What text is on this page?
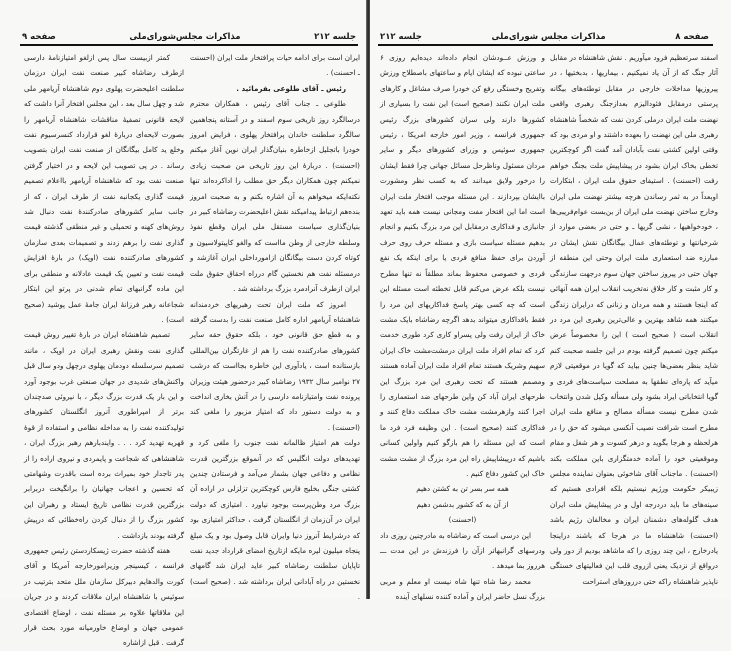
جلسه ۲۱۲
مذاکرات مجلس‌شورای‌ملی
صفحه ۹

ایران است برای ادامه حیات پرافتخار ملت ایران (احسنت ـ احسنت) .

رئیس ـ آقای طلوعی بفرمائید .

طلوعی ـ جناب آقای رئیس ، همکاران محترم درسالگرد روز تاریخی سوم اسفند و در آستانه پنجاهمین سالگرد سلطنت خاندان پرافتخار پهلوی ، فرایض امروز خودرا باتجلیل ازخاطره بنیان‌گذار ایران نوین آغاز میکنم (احسنت) . دربارهٔ این روز تاریخی من صحبت زیادی نمیکنم چون همکاران دیگر حق مطلب را اداکرده‌اند تنها نکته‌ایکه میخواهم به آن اشاره بکنم و به صحبت امروز بنده‌هم ارتباط پیدامیکند نقش اعلیحضرت رضاشاه کبیر در بنیان‌گذاری سیاست مستقل ملی ایران وقطع نفوذ وسلطه خارجی از وطن مااست که والغو کاپیتولاسیون و کوتاه کردن دست بیگانگان ازامورداخلی ایران آغازشد و درمسئله نفت هم نخستین گام درراه احقاق حقوق ملت ایران ازطرف آنرادمرد بزرگ برداشته شد .

امروز که ملت ایران تحت رهبریهای خردمندانه شاهنشاه آریامهر اداره کامل صنعت نفت را بدست گرفته و به قطع حق قانونی خود ، بلکه حقوق حقه سایر کشورهای صادرکننده نفت را هم از غارتگران بین‌المللی بازستانده است ، یادآوری این خاطره بجااست که درشب ۲۷ نوامبر سال ۱۹۳۲ رضاشاه کبیر درحضور هیئت وزیران پرونده نفت وامتیازنامه دارسی را در آتش بخاری انداخت و به دولت دستور داد که امتیاز مزبور را ملغی کند (احسنت) .

دولت هم امتیاز ظالمانه نفت جنوب را ملغی کرد و تهدیدهای دولت انگلیس که در آنموقع بزرگترین قدرت نظامی و دفاعی جهان بشمار می‌آمد و فرستادن چندین کشتی جنگی بخلیج فارس کوچکترین تزلزلی در اراده آن بزرگ مرد وطن‌پرست بوجود نیاورد . امتیازی که دولت ایران در آن‌زمان از انگلستان گرفت ، حداکثر امتیازی بود که درشرایط آنروز دنیا وایران قابل وصول بود و یک مبلغ پنجاه میلیون لیره مایکه ازتاریخ امضای قرارداد جدید نفت تاپایان سلطنت رضاشاه کبیر عاید ایران شد گامهای نخستین در راه آبادانی ایران برداشته شد . (صحیح است) .

کمتر ازبیست سال پس ازلغو امتیازنامهٔ دارسی ازطرف رضاشاه کبیر صنعت نفت ایران درزمان سلطنت اعلیحضرت پهلوی دوم شاهنشاه آریامهر ملی شد و چهل سال بعد ، این مجلس افتخار آنرا داشت که لایحه قانونی تصفیهٔ مناقشات شاهنشاه آریامهر را بصورت لایحه‌ای دربارهٔ لغو قرارداد کنسرسیوم نفت وخلع ید کامل بیگانگان از صنعت نفت ایران بتصویب رساند . در پی تصویب این لایحه و در اختیار گرفتن صنعت نفت بود که شاهنشاه آریامهر بااعلام تصمیم قیمت گذاری یکجانبه نفت از طرف ایران ، که از جانب سایر کشورهای صادرکنندهٔ نفت دنبال شد روش‌های کهنه و تحمیلی و غیر منطقی گذشته قیمت گذاری نفت را برهم زدند و تصمیمات بعدی سازمان کشورهای صادرکننده نفت (اوپک) در بارهٔ افزایش قیمت نفت و تعیین یک قیمت عادلانه و منطقی برای این ماده گرانبهای تمام شدنی در پرتو این ابتکار شجاعانه رهبر فرزانهٔ ایران جامهٔ عمل پوشید (صحیح است) .

تصمیم شاهنشاه ایران در بارهٔ تغییر روش قیمت گذاری نفت ونقش رهبری ایران در اوپک ، مانند تصمیم سرسلسله دودمان پهلوی درچهل ودو سال قبل واکنش‌های شدیدی در جهان صنعتی غرب بوجود آورد و این بار یک قدرت بزرگ دیگر ، با نیروئی صدچندان برتر از امپراطوری آنروز انگلستان کشورهای تولیدکننده نفت را به مداخله نظامی و استفاده از قوهٔ قهریه تهدید کرد . . . وایندبارهم رهبر بزرگ ایران ، شاهنشاهی که شجاعت و پایمردی و نیروی اراده را از پدر تاجدار خود بمیراث برده است باقدرت وشهامتی که تحسین و اعجاب جهانیان را برانگیخت دربرابر بزرگترین قدرت نظامی تاریخ ایستاد و رهبران این کشور بزرگ را از دنبال کردن راه‌خطائی که درپیش گرفته بودند بازداشت .

هفته گذشته حضرت ژیسکاردستن رئیس جمهوری فرانسه ، کیسینجر وزیرامورخارجه آمریکا و آقای کورت والدهایم دبیرکل سازمان ملل متحد بترتیب در سوئیس با شاهنشاه ایران ملاقات کردند و در جریان این ملاقاتها علاوه بر مسئله نفت ، اوضاع اقتصادی عمومی جهان و اوضاع خاورمیانه مورد بحث قرار گرفت . قبل ازاشاره

صفحه ۸
مذاکرات مجلس شورای‌ملی
جلسه ۲۱۲

اسفند سرتعظیم فرود میآوریم . نقش شاهنشاه در مقابل آثار جنگ که از آن یاد نمیکنیم ، بیماریها ، بدبختیها ، در پیروزیها مداخلات خارجی در مقابل توطئه‌های بیگانه پرستی درمقابل فئودالیزم بعدازجنگ رهبری واقعی نهضت ملت ایران درملی کردن نفت که شخصاً شاهنشاه رهبری ملی این نهضت را بعهده داشتند و او مردی بود که وقتی اولین کشتی نفت بآبادان آمد گفت اگر کوچکترین تخطی بخاک ایران بشود در پیشاپیش ملت بجنگ خواهم رفت (احسنت) . استیفای حقوق ملت ایران ، ابتکارات اوبعداً در به ثمر رساندن هرچه بیشتر نهضت ملی ایران وخارج ساختن نهضت ملی ایران از بن‌بست عوام‌فریبی‌ها ، خودخواهیها ، نشی گریها ـ و حتی در بعضی موارد از شرخیانتها و توطئه‌های عمال بیگانگان نقش ایشان در مبارزه ضد استعماری ملت ایران وحتی این منطقه از جهان حتی در پیروز ساختن جهان سوم درجهت سازندگی و کار مثبت و کار خلاق نه‌تخریب انقلاب ایران همه آنهائی که اینجا هستند و همه مردان و زنانی که درایران زندگی میکنند همه شاهد بهترین و عالی‌ترین رهبری این مرد در انقلاب است ( صحیح است ) این را مخصوصاً عرض میکنم چون تصمیم گرفته بودم در این جلسه صحبت کنم شاید بنظر بعضی‌ها چنین بیاید که گویا در موقعیتی لازم میآید که پاره‌ای نطقها به مصلحت سیاست‌های فردی و گویا انتخاباتی ایراد بشود ولی مسأله وکیل شدن وانتخاب شدن مطرح نیست مسأله مصالح و منافع ملت ایران مطرح است شرافت نصیب آنکسی میشود که حق را در هرلحظه و هرجا بگوید و درهر کسوت و هر شغل و مقام وموقعیتی خود را آماده خدمتگزاری باین مملکت بکند (احسنت) . ماجناب آقای شاخوئی بعنوان نماینده مجلس زیبیکر حکومت ورژیم نیستیم بلکه افرادی هستیم که سینه‌های ما باید دردرجه اول و در پیشاپیش ملت ایران هدف گلوله‌های دشمنان ایران و مخالفان رژیم باشد (احسنت) شاهنشاه ما در هرجا که باشند دراینجا یادرخارج ، این چند روزی را که ماشاهد بودیم از دور ولی درواقع از نزدیک یعنی ازروی قلب این فعالیتهای خستگی ناپذیر شاهنشاه راکه حتی درروزهای استراحت

و ورزش عــودشان انجام داده‌اند دیده‌ایم روزی ۶ ساعتی نبوده که ایشان ایام و ساعتهای باصطلاح ورزش وتفریح وخستگی رفع کن خودرا صرف مشاغل و کارهای ملت ایران نکنند (صحیح است) این نفت را بسیاری از کشورها دارند ولی سران کشورهای بزرگ رئیس جمهوری فرانسه ، وزیر امور خارجه امریکا ، رئیس جمهوری سوئیس و وزرای کشورهای دیگر و سایر مردان مسئول وناظرحل مسائل جهانی چرا فقط ایشان را درخور ولایق میدانند که به کسب نظر ومشورت باایشان بپردازند . این مسئله موجب افتخار ملت ایران است اما این افتخار مفت ومجانی نیست همه باید تعهد جانبازی و فداکاری درمقابل این مرد بزرگ بکنیم و انجام بدهیم مسئله سیاست بازی و مسئله حرف روی حرف آوردن برای حفظ منافع فردی یا برای اینکه یک نفع فردی و خصوصی محفوظ بماند مطلقاً نه تنها مطرح نیست بلکه عرض می‌کنم قابل تخطئه است مسئله این است که چه کسی بهتر پاسخ فداکاریهای این مرد را فقط بافداکاری میتواند بدهد اگرچه رضاشاه بایک مشت خاک از ایران رفت ولی پسراو کاری کرد طوری خدمت کرد که تمام افراد ملت ایران درمشت‌مشت خاک ایران سهیم وشریک هستند تمام افراد ملت ایران آماده هستند ومصمم هستند که تحت رهبری این مرد بزرگ این طرحهای ایران آباد کن واین طرحهای ضد استعماری را اجرا کنند وازهرمشت مشت خاک مملکت دفاع کنند و فداکاری کنند (صحیح است) . این وظیفه فرد فرد ما است که این مسئله را هم بازگو کنیم واولین کسانی باشیم که درپیشاپیش راه این مرد بزرگ از مشت مشت خاک این کشور دفاع کنیم .

همه سر بسر تن به کشتن دهیم

از آن به که کشور بدشمن دهیم

(احسنت)

این درسی است که رضاشاه به مادرچنین روزی داد ودرسهای گرانبهاتر ازآن را فرزندش در این مدت ـــ هرروز بما میدهد .

محمد رضا شاه تنها شاه نیست او معلم و مربی بزرگ نسل حاضر ایران و آماده کننده نسلهای آینده
